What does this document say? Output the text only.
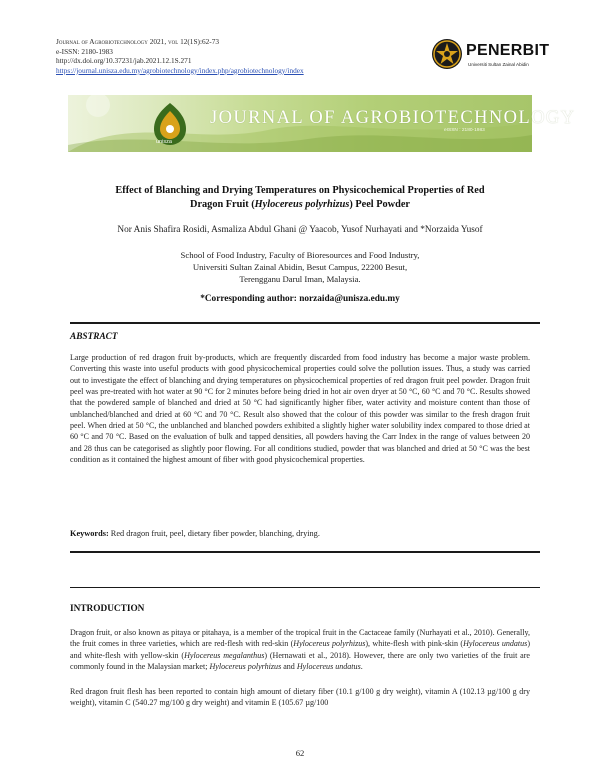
Journal of Agrobiotechnology 2021, vol 12(1S):62-73
e-ISSN: 2180-1983
http://dx.doi.org/10.37231/jab.2021.12.1S.271
https://journal.unisza.edu.my/agrobiotechnology/index.php/agrobiotechnology/index
PENERBIT
Universiti Sultan Zainal Abidin
unisza
JOURNAL OF AGROBIOTECHNOLOGY
eISSN : 2180-1983
Effect of Blanching and Drying Temperatures on Physicochemical Properties of Red
Dragon Fruit (Hylocereus polyrhizus) Peel Powder
Nor Anis Shafira Rosidi, Asmaliza Abdul Ghani @ Yaacob, Yusof Nurhayati and *Norzaida Yusof
School of Food Industry, Faculty of Bioresources and Food Industry,
Universiti Sultan Zainal Abidin, Besut Campus, 22200 Besut,
Terengganu Darul Iman, Malaysia.
*Corresponding author: norzaida@unisza.edu.my
ABSTRACT
Large production of red dragon fruit by-products, which are frequently discarded from food industry has become a major waste problem. Converting this waste into useful products with good physicochemical properties could solve the pollution issues. Thus, a study was carried out to investigate the effect of blanching and drying temperatures on physicochemical properties of red dragon fruit peel powder. Dragon fruit peel was pre-treated with hot water at 90 °C for 2 minutes before being dried in hot air oven dryer at 50 °C, 60 °C and 70 °C. Results showed that the powdered sample of blanched and dried at 50 °C had significantly higher fiber, water activity and moisture content than those of unblanched/blanched and dried at 60 °C and 70 °C. Result also showed that the colour of this powder was similar to the fresh dragon fruit peel. When dried at 50 °C, the unblanched and blanched powders exhibited a slightly higher water solubility index compared to those dried at 60 °C and 70 °C. Based on the evaluation of bulk and tapped densities, all powders having the Carr Index in the range of values between 20 and 28 thus can be categorised as slightly poor flowing. For all conditions studied, powder that was blanched and dried at 50 °C was the best condition as it contained the highest amount of fiber with good physicochemical properties.
Keywords: Red dragon fruit, peel, dietary fiber powder, blanching, drying.
INTRODUCTION
Dragon fruit, or also known as pitaya or pitahaya, is a member of the tropical fruit in the Cactaceae family (Nurhayati et al., 2010). Generally, the fruit comes in three varieties, which are red-flesh with red-skin (Hylocereus polyrhizus), white-flesh with pink-skin (Hylocereus undatus) and white-flesh with yellow-skin (Hylocereus megalanthus) (Hernawati et al., 2018). However, there are only two varieties of the fruit are commonly found in the Malaysian market; Hylocereus polyrhizus and Hylocereus undatus.
Red dragon fruit flesh has been reported to contain high amount of dietary fiber (10.1 g/100 g dry weight), vitamin A (102.13 µg/100 g dry weight), vitamin C (540.27 mg/100 g dry weight) and vitamin E (105.67 µg/100
62
